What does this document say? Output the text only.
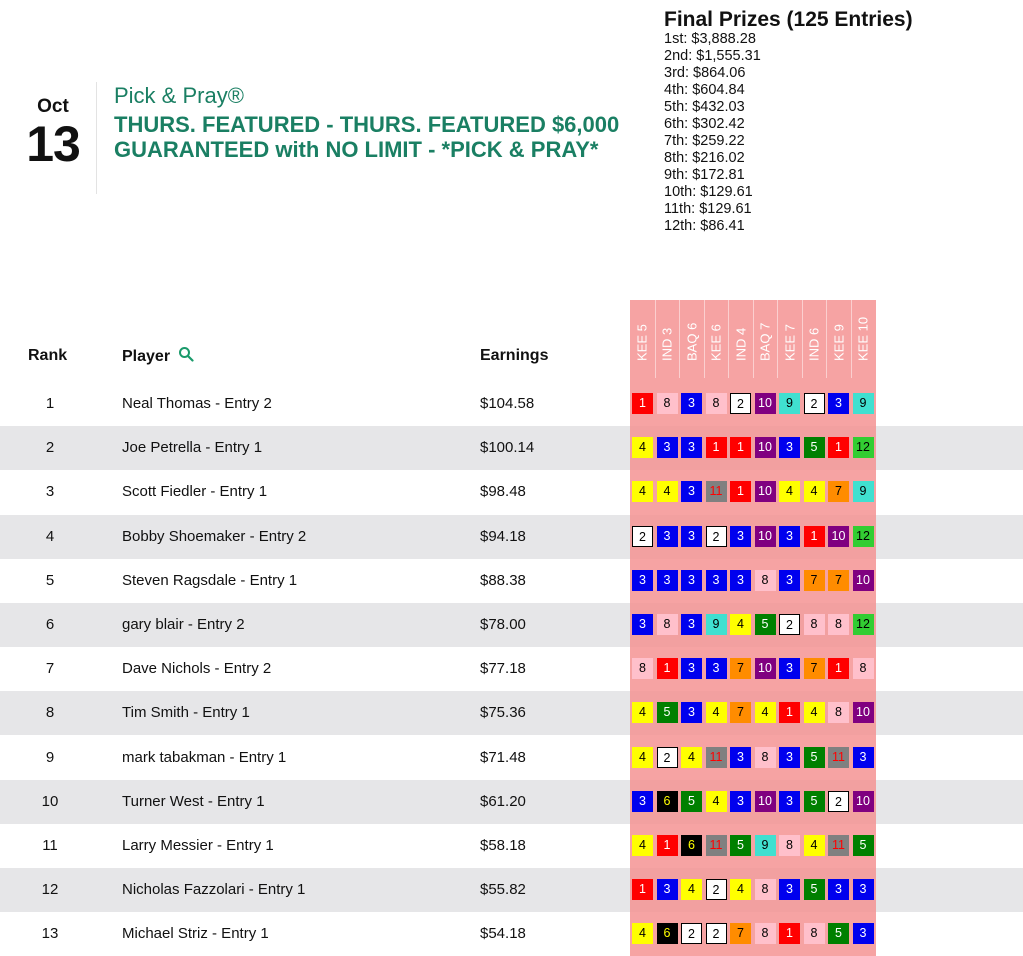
Oct
13
Pick & Pray®
THURS. FEATURED - THURS. FEATURED $6,000 GUARANTEED with NO LIMIT - *PICK & PRAY*
Final Prizes (125 Entries)
1st: $3,888.28
2nd: $1,555.31
3rd: $864.06
4th: $604.84
5th: $432.03
6th: $302.42
7th: $259.22
8th: $216.02
9th: $172.81
10th: $129.61
11th: $129.61
12th: $86.41
KEE 5 IND 3 BAQ 6 KEE 6 IND 4 BAQ 7 KEE 7 IND 6 KEE 9 KEE 10
Rank	Player	Earnings
1	Neal Thomas - Entry 2	$104.58	1	8	3	8	2	10	9	2	3	9
2	Joe Petrella - Entry 1	$100.14	4	3	3	1	1	10	3	5	1	12
3	Scott Fiedler - Entry 1	$98.48	4	4	3	11	1	10	4	4	7	9
4	Bobby Shoemaker - Entry 2	$94.18	2	3	3	2	3	10	3	1	10 12
5	Steven Ragsdale - Entry 1	$88.38	3	3	3	3	3	8	3	7	7	10
6	gary blair - Entry 2	$78.00	3	8	3	9	4	5	2	8	8	12
7	Dave Nichols - Entry 2	$77.18	8	1	3	3	7	10	3	7	1	8
8	Tim Smith - Entry 1	$75.36	4	5	3	4	7	4	1	4	8	10
9	mark tabakman - Entry 1	$71.48	4	2	4	11	3	8	3	5	11	3
10	Turner West - Entry 1	$61.20	3	6	5	4	3	10	3	5	2	10
11	Larry Messier - Entry 1	$58.18	4	1	6	11	5	9	8	4	11	5
12	Nicholas Fazzolari - Entry 1	$55.82	1	3	4	2	4	8	3	5	3	3
13	Michael Striz - Entry 1	$54.18	4	6	2	2	7	8	1	8	5	3
